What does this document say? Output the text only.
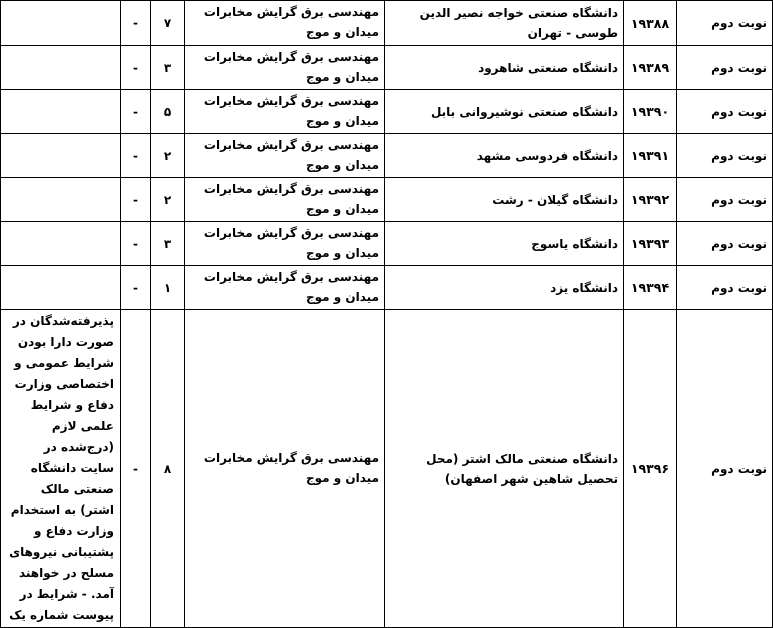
نوبت دوم	۱۹۳۸۸	دانشگاه صنعتی خواجه نصیر الدین طوسی - تهران	مهندسی برق گرایش مخابرات میدان و موج	۷	-	
نوبت دوم	۱۹۳۸۹	دانشگاه صنعتی شاهرود	مهندسی برق گرایش مخابرات میدان و موج	۳	-	
نوبت دوم	۱۹۳۹۰	دانشگاه صنعتی نوشیروانی بابل	مهندسی برق گرایش مخابرات میدان و موج	۵	-	
نوبت دوم	۱۹۳۹۱	دانشگاه فردوسی مشهد	مهندسی برق گرایش مخابرات میدان و موج	۲	-	
نوبت دوم	۱۹۳۹۲	دانشگاه گیلان - رشت	مهندسی برق گرایش مخابرات میدان و موج	۲	-	
نوبت دوم	۱۹۳۹۳	دانشگاه یاسوج	مهندسی برق گرایش مخابرات میدان و موج	۳	-	
نوبت دوم	۱۹۳۹۴	دانشگاه یزد	مهندسی برق گرایش مخابرات میدان و موج	۱	-	
نوبت دوم	۱۹۳۹۶	دانشگاه صنعتی مالک اشتر (محل تحصیل شاهین شهر اصفهان)	مهندسی برق گرایش مخابرات میدان و موج	۸	-	پذیرفته‌شدگان در صورت دارا بودن شرایط عمومی و اختصاصی وزارت دفاع و شرایط علمی لازم (درج‌شده در سایت دانشگاه صنعتی مالک اشتر) به استخدام وزارت دفاع و پشتیبانی نیروهای مسلح در خواهند آمد. - شرایط در پیوست شماره یک
